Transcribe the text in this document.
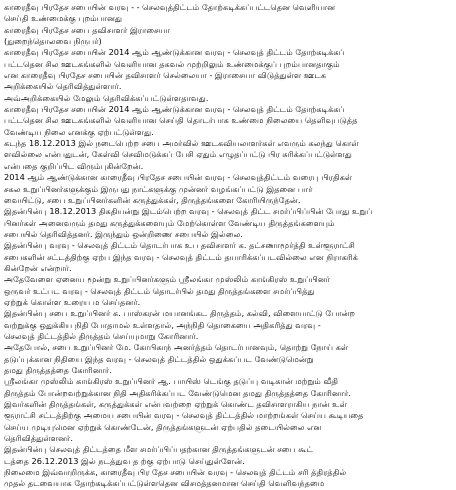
காரைதீவு பிரதேச சபையின் வரவு - - செலவுத்திட்டம் தோற்கடிக்கப்பட்டதென வெளியான
செய்தி உண்மைக்கு புறம்பானது
காரைதீவு பிரதேச சபை தவிசாளர் இராசையா
(நுறைந்தொலவை நிருபர்)
காரைதீவு பிரதேச சபையின் 2014 ஆம் ஆண்டுக்கான வரவு - செலவுத் திட்டம் தோற்கடிக்கப்
பட்டதென சில ஊடகங்களில் வெளியான தகவல் முற்றிலும் உண்மைக்குப் புறம்பானதாகும்
என காரைதீவு பிரதேச சபையின் தவிசாளர் செல்லையா - இராசையா விடுத்துள்ள ஊடக
அறிக்கையில் தெரிவித்துள்ளார்.
அவ்அறிக்கையில் மேலும் தெரிவிக்கப்பட்டுள்ளதாவது.
காரைதீவு பிரதேச சபையின் 2014 ஆம் ஆண்டுக்கான வரவு - செலவுத் திட்டம் தோற்கடிக்கப்
பட்டதென சில ஊடகங்களில் வெளியான செய்தி தொடர்பாக உண்மை நிலையை தெளிவுபடுத்த
வேண்டிய நிலை எனக்கு ஏற்பட்டுள்ளது.
கடந்த 18.12.2013 இல் நடைபெற்ற சபை அமர்வில் ஊடகவியலாளர்கள் எவரும் கலந்து கொள்
ளவில்லை என்பதுடன், கேள்வி செவிமடுக்கப் பேசி ஏதும் எழுதப்பட்டு பிர சுரிக்கப்பட்டுள்ளது
என்பதை குறிப்பிட விரும்புகின்றேன்.
2014 ஆம் ஆண்டுக்கான காரைதீவு பிரதேச சபையின் வரவு - செலவுத்திட்டம் வரைபு பிரதிகள்
சகல உறுப்பினர்களுக்கும் இருபது நாட்களுக்கு முன்னர் வழங்கப்பட்டு இதனை பார்
வையிட்டு, சபை உறுப்பினர்களின் கருத்துக்கள், திருத்தங்களை கோரியிருந்தேன்.
இதன்பின்பு 18.12.2013 திகதியன்று இடம்பெற்ற வரவு - செலவுத் திட்ட சமர்ப்பிப்பின் போது உறுப்
பினர்கள் அனைவரும் தமது கருத்துக்களையும் மேற்கொள்ள வேண்டிய திருத்தங்களையும்
சபையில் தெரிவித்தனர். இருந்தும் ஒன்றிணை சபையில் இல்லை.
இதன்பின்பு வரவு - செலவுத் திட்டம் தொடர்பாக உப தவிசாளர் க. தட்சணாமூர்த்தி உள்ளூராட்சி
சபைகளின் சட்டத்திற்கு ஏற்ப இந்த வரவு - செலவுத் திட்டம் தயாரிக்கப்படவில்லை என நிராகரிக்
கின்றேன் என்றார்.
அதேவேளை ஏனைய மூன்று உறுப்பினர்களும் ஸ்ரீலங்கா முஸ்லிம் காங்கிரஸ் உறுப்பினர்
ஒருவர் உட்பட வரவு - செலவுத் திட்டம் தொடர்பில் தமது திருத்தங்களை சமர்ப்பித்து
ஏற்றுக் கொள்ள உரைய ம செய்தனர்.
இதன்பின்பு சபை உறுப்பினர் க. பாஸ்கரன் மயானங்கட திருத்தம், கல்வி, விளையாட்டு போன்ற
வற்றுக்கு ஒதுக்கிய நிதி போதாமல் உள்ளதால், அந்நிதி தொகையை அதிகரித்து வரவு -
செலவுத் திட்டத்தில் திருத்தம் செய்யுமாறு கோரினார்.
அதேபோல், சபை உறுப்பினர் மே. கோபிகாந் அனர்த்தம் தொடர்பானவும், தொற்று நோய் கள்
தடுப்புக்கான நிதியை இந்த வரவு - செலவுத் திட்டத்தில் ஒதுக்கப்பட வேண்டுமென்று
தமது திருத்தத்தை கோரினார்.
ஸ்ரீலங்கா முஸ்லிம் காங்கிரஸ் உறுப்பினர் ஆ. பாயிஸ் டெங்கு தடுப்பு வடிகான் மற்றும் வீதி
திருத்தம் போன்றவற்றுக்கான நிதி அதிகரிக்கப்பட வேண்டுமென தமது திருத்தத்தை கோரினார்.
இவர்களின் திருத்தங்கள், கருத்துக்கள் என்பவற்றை ஏற்றுக் கொண்ட தவிசாளராகிய நான் உள்
ளூராட்சி சட்டத்திற்கு அமைய சபையின் வரவு - செலவுத் திட்டத்தில் மாற்றங்கள் செய்ய கூடியதை
செய்ய முடியுமென ஏற்றுக் கொண்டேன், திருத்தங்களுடன் ஏற்பதில் தடையில்லை என
தெரிவித்துள்ளனர்.
இதன்பின்பு செலவுத் திட்டத்தை மீள சமர்ப்பிப்பதற்கான திருத்தங்களுடன் சபை கூட்
டத்தை 26.12.2013 இல் நடத்துவ த ற்கு ஏற்பாடு செய்துள்ளேன்.
நிலைமை இவ்வாறிருக்க, காரைதீவு பிர தேச சபையின் வரவு - செலவுத் திட்டம் சரி த்திரத்தில்
முதல் தடவையாக தோற்கடிக்கப்பட்டுள்ளதென விசமத்தனமான செய்தி வெளிவந்தமை
